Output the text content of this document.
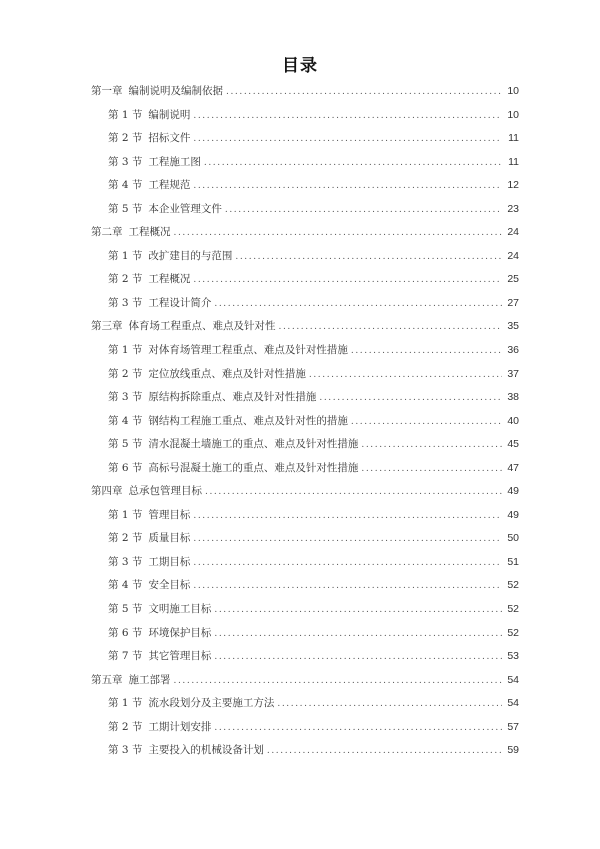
目录
第一章 编制说明及编制依据 .....	10
第 1 节 编制说明 .....	10
第 2 节 招标文件 .....	11
第 3 节 工程施工图 .....	11
第 4 节 工程规范 .....	12
第 5 节 本企业管理文件 .....	23
第二章 工程概况 .....	24
第 1 节 改扩建目的与范围 .....	24
第 2 节 工程概况 .....	25
第 3 节 工程设计简介 .....	27
第三章 体育场工程重点、难点及针对性 .....	35
第 1 节 对体育场管理工程重点、难点及针对性措施 .....	36
第 2 节 定位放线重点、难点及针对性措施 .....	37
第 3 节 原结构拆除重点、难点及针对性措施 .....	38
第 4 节 钢结构工程施工重点、难点及针对性的措施 .....	40
第 5 节 清水混凝土墙施工的重点、难点及针对性措施 .....	45
第 6 节 高标号混凝土施工的重点、难点及针对性措施 .....	47
第四章 总承包管理目标 .....	49
第 1 节 管理目标 .....	49
第 2 节 质量目标 .....	50
第 3 节 工期目标 .....	51
第 4 节 安全目标 .....	52
第 5 节 文明施工目标 .....	52
第 6 节 环境保护目标 .....	52
第 7 节 其它管理目标 .....	53
第五章 施工部署 .....	54
第 1 节 流水段划分及主要施工方法 .....	54
第 2 节 工期计划安排 .....	57
第 3 节 主要投入的机械设备计划 .....	59
